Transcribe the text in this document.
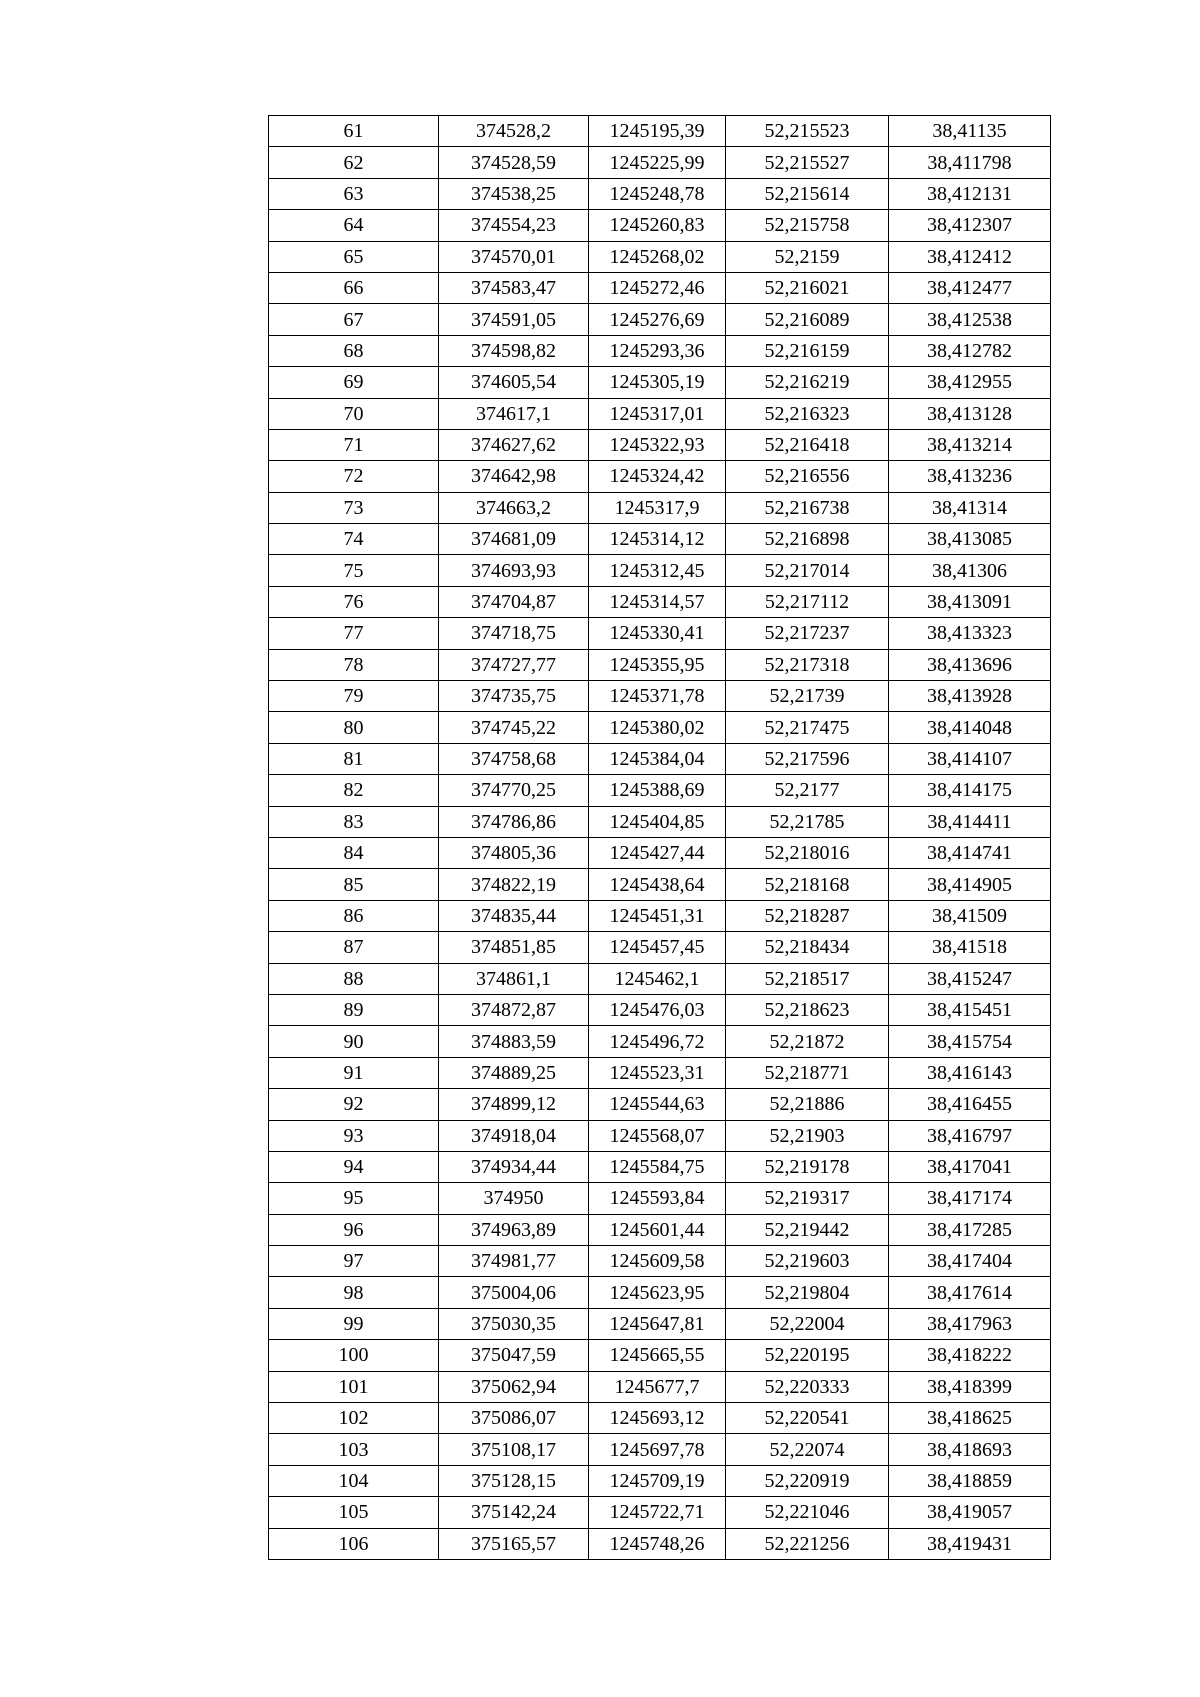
61	374528,2	1245195,39	52,215523	38,41135
62	374528,59	1245225,99	52,215527	38,411798
63	374538,25	1245248,78	52,215614	38,412131
64	374554,23	1245260,83	52,215758	38,412307
65	374570,01	1245268,02	52,2159	38,412412
66	374583,47	1245272,46	52,216021	38,412477
67	374591,05	1245276,69	52,216089	38,412538
68	374598,82	1245293,36	52,216159	38,412782
69	374605,54	1245305,19	52,216219	38,412955
70	374617,1	1245317,01	52,216323	38,413128
71	374627,62	1245322,93	52,216418	38,413214
72	374642,98	1245324,42	52,216556	38,413236
73	374663,2	1245317,9	52,216738	38,41314
74	374681,09	1245314,12	52,216898	38,413085
75	374693,93	1245312,45	52,217014	38,41306
76	374704,87	1245314,57	52,217112	38,413091
77	374718,75	1245330,41	52,217237	38,413323
78	374727,77	1245355,95	52,217318	38,413696
79	374735,75	1245371,78	52,21739	38,413928
80	374745,22	1245380,02	52,217475	38,414048
81	374758,68	1245384,04	52,217596	38,414107
82	374770,25	1245388,69	52,2177	38,414175
83	374786,86	1245404,85	52,21785	38,414411
84	374805,36	1245427,44	52,218016	38,414741
85	374822,19	1245438,64	52,218168	38,414905
86	374835,44	1245451,31	52,218287	38,41509
87	374851,85	1245457,45	52,218434	38,41518
88	374861,1	1245462,1	52,218517	38,415247
89	374872,87	1245476,03	52,218623	38,415451
90	374883,59	1245496,72	52,21872	38,415754
91	374889,25	1245523,31	52,218771	38,416143
92	374899,12	1245544,63	52,21886	38,416455
93	374918,04	1245568,07	52,21903	38,416797
94	374934,44	1245584,75	52,219178	38,417041
95	374950	1245593,84	52,219317	38,417174
96	374963,89	1245601,44	52,219442	38,417285
97	374981,77	1245609,58	52,219603	38,417404
98	375004,06	1245623,95	52,219804	38,417614
99	375030,35	1245647,81	52,22004	38,417963
100	375047,59	1245665,55	52,220195	38,418222
101	375062,94	1245677,7	52,220333	38,418399
102	375086,07	1245693,12	52,220541	38,418625
103	375108,17	1245697,78	52,22074	38,418693
104	375128,15	1245709,19	52,220919	38,418859
105	375142,24	1245722,71	52,221046	38,419057
106	375165,57	1245748,26	52,221256	38,419431
